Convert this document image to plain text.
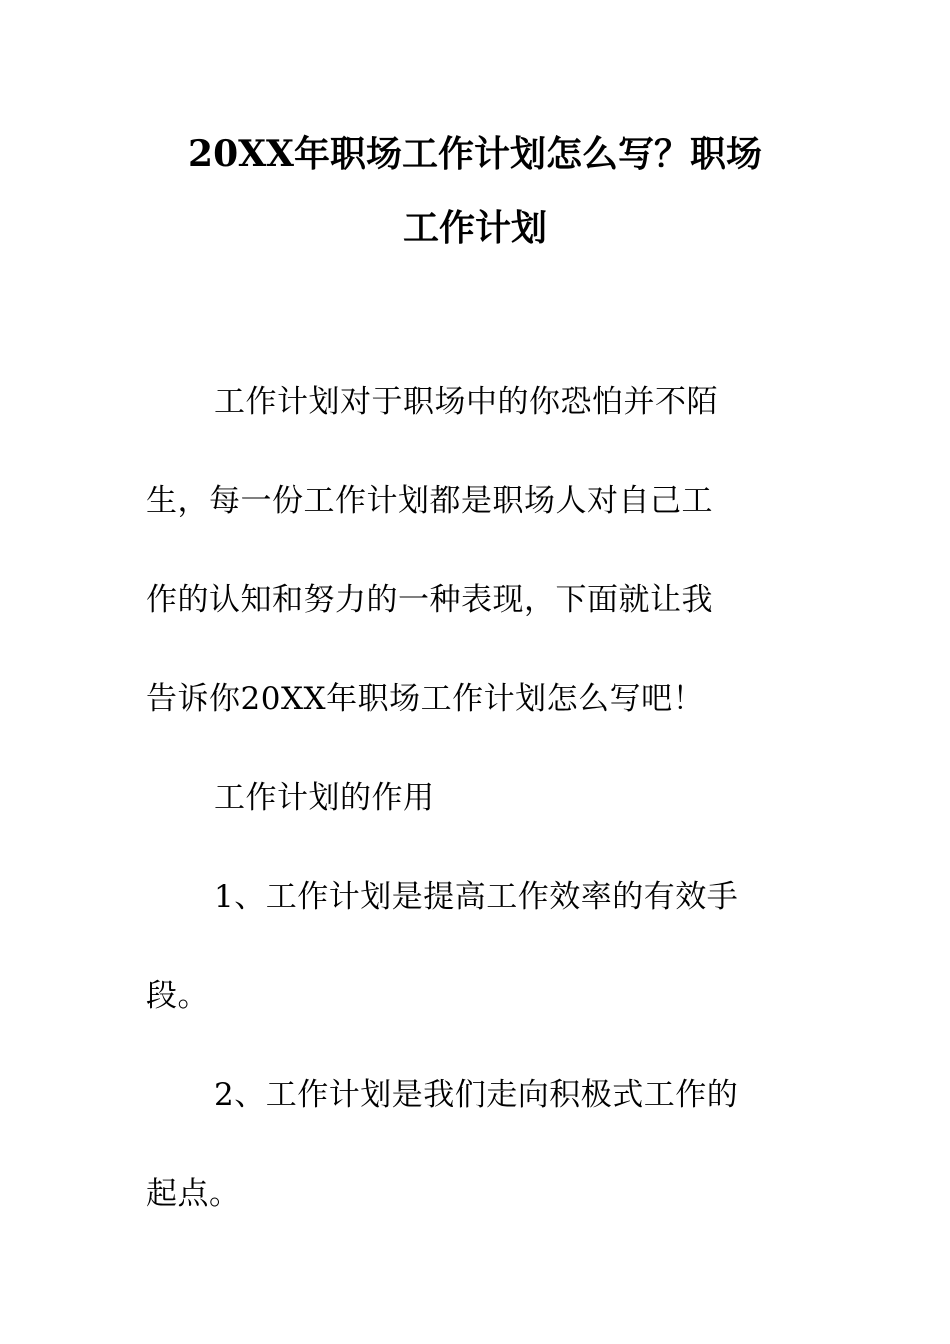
20XX年职场工作计划怎么写？职场
工作计划
工作计划对于职场中的你恐怕并不陌
生，每一份工作计划都是职场人对自己工
作的认知和努力的一种表现，下面就让我
告诉你20XX年职场工作计划怎么写吧！
工作计划的作用
1、工作计划是提高工作效率的有效手
段。
2、工作计划是我们走向积极式工作的
起点。
